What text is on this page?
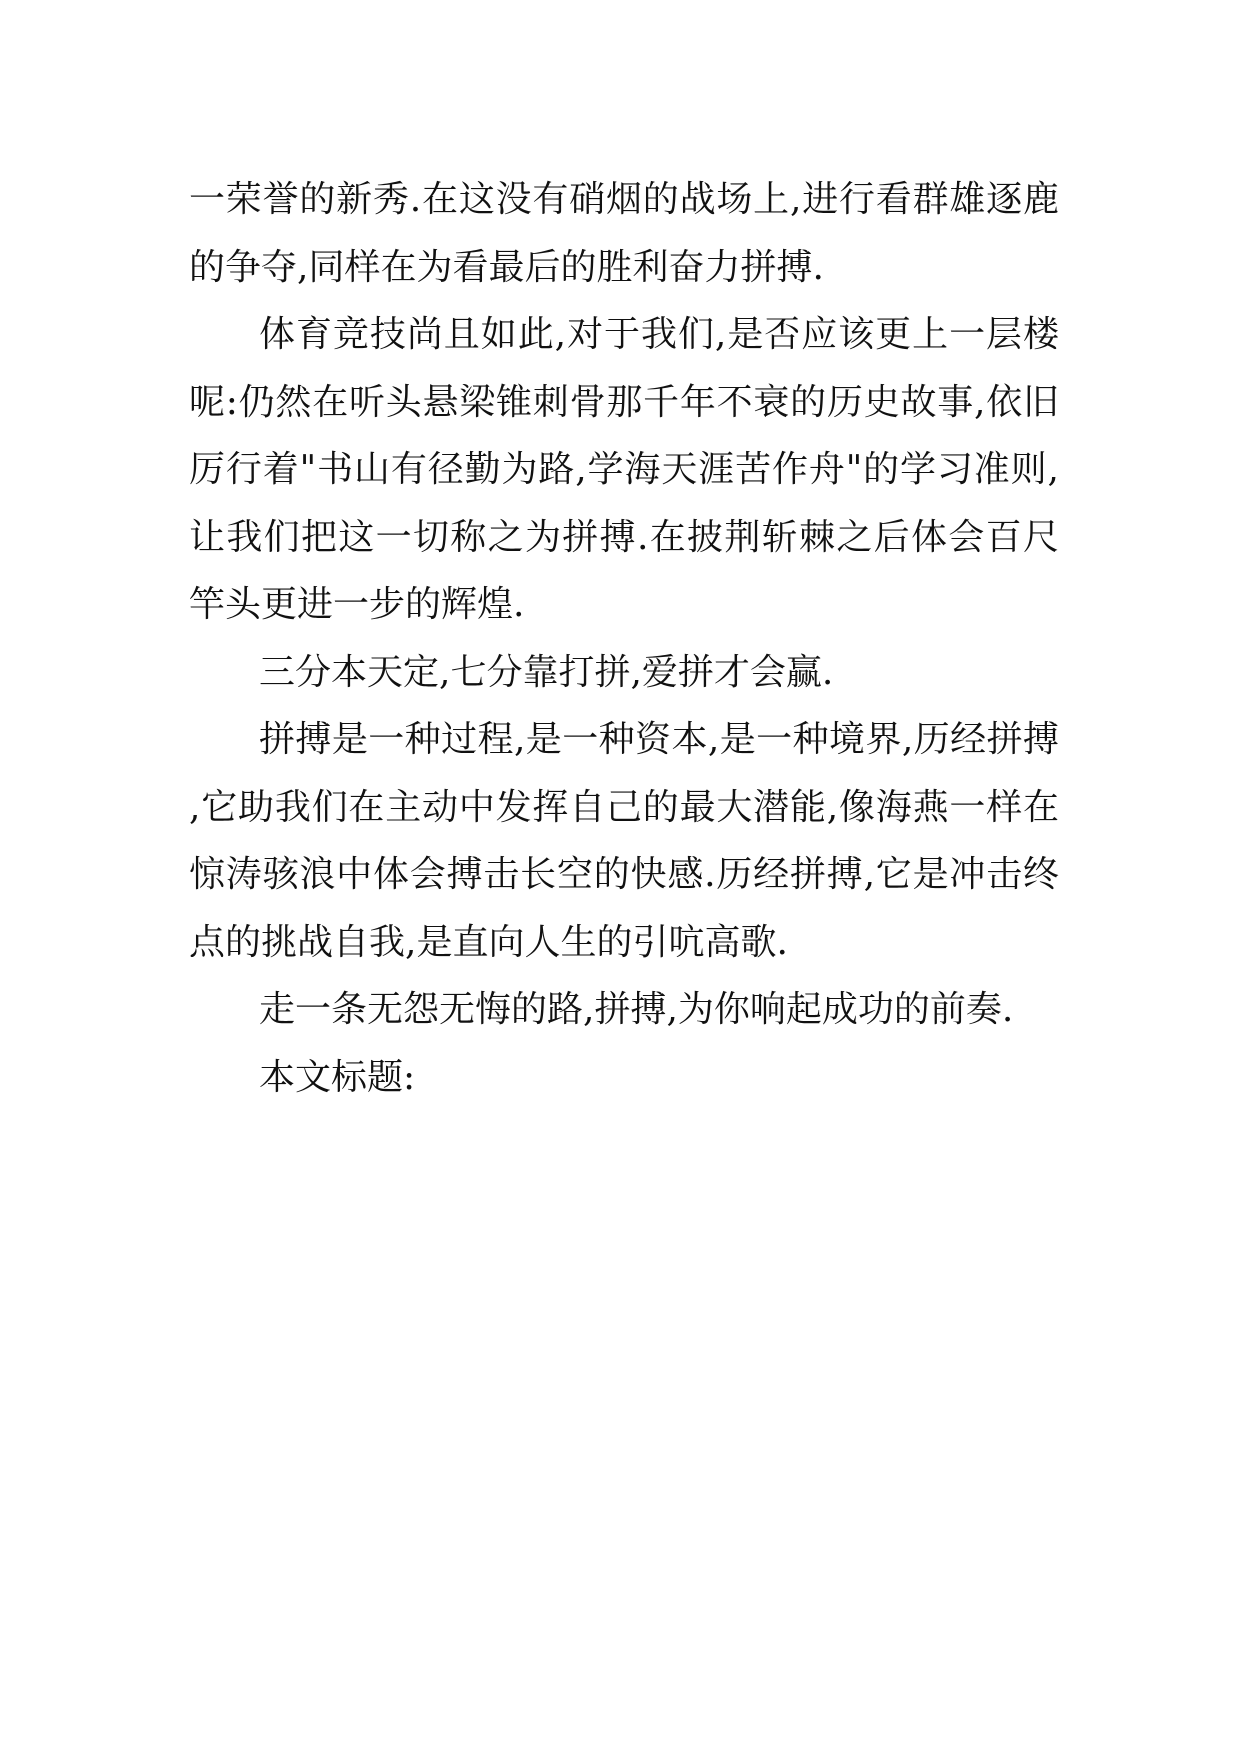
一荣誉的新秀.在这没有硝烟的战场上,进行看群雄逐鹿的争夺,同样在为看最后的胜利奋力拼搏.

体育竞技尚且如此,对于我们,是否应该更上一层楼呢:仍然在听头悬梁锥刺骨那千年不衰的历史故事,依旧厉行着"书山有径勤为路,学海天涯苦作舟"的学习准则,让我们把这一切称之为拼搏.在披荆斩棘之后体会百尺竿头更进一步的辉煌.

三分本天定,七分靠打拼,爱拼才会赢.

拼搏是一种过程,是一种资本,是一种境界,历经拼搏,它助我们在主动中发挥自己的最大潜能,像海燕一样在惊涛骇浪中体会搏击长空的快感.历经拼搏,它是冲击终点的挑战自我,是直向人生的引吭高歌.

走一条无怨无悔的路,拼搏,为你响起成功的前奏.

本文标题:
